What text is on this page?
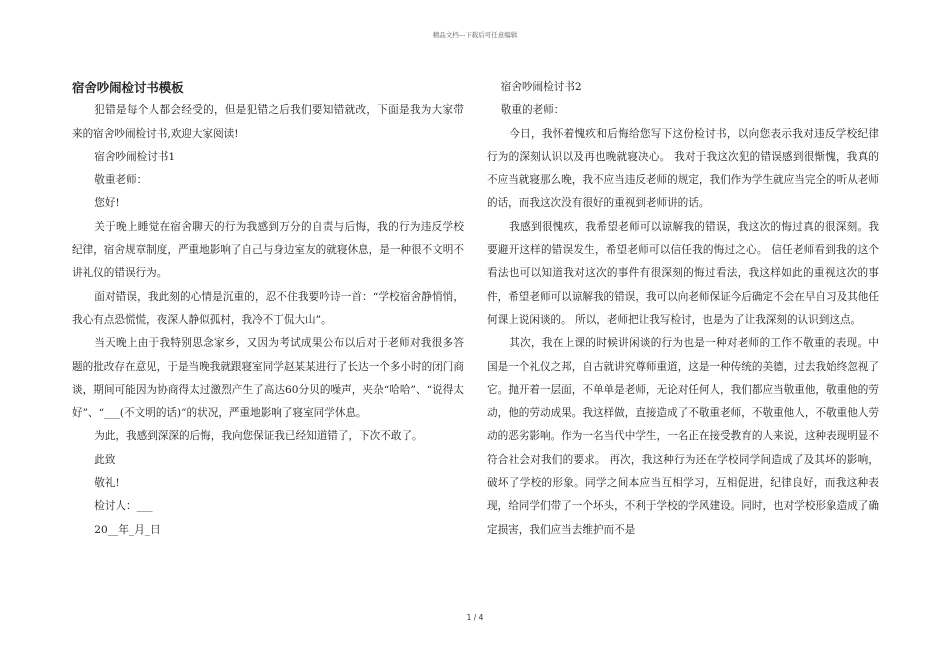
精品文档---下载后可任意编辑

宿舍吵闹检讨书模板

犯错是每个人都会经受的，但是犯错之后我们要知错就改，下面是我为大家带来的宿舍吵闹检讨书,欢迎大家阅读!

宿舍吵闹检讨书1

敬重老师：

您好!

关于晚上睡觉在宿舍聊天的行为我感到万分的自责与后悔，我的行为违反学校纪律，宿舍规章制度，严重地影响了自己与身边室友的就寝休息，是一种很不文明不讲礼仪的错误行为。

面对错误，我此刻的心情是沉重的，忍不住我要吟诗一首：“学校宿舍静悄悄，我心有点恐慌慌，夜深人静似孤村，我冷不丁侃大山”。

当天晚上由于我特别思念家乡，又因为考试成果公布以后对于老师对我很多答题的批改存在意见，于是当晚我就跟寝室同学赵某某进行了长达一个多小时的闭门商谈，期间可能因为协商得太过激烈产生了高达60分贝的噪声，夹杂“哈哈”、“说得太好”、“___(不文明的话)”的状况，严重地影响了寝室同学休息。

为此，我感到深深的后悔，我向您保证我已经知道错了，下次不敢了。

此致

敬礼!

检讨人：___

20__年_月_日

宿舍吵闹检讨书2

敬重的老师：

今日，我怀着愧疚和后悔给您写下这份检讨书，以向您表示我对违反学校纪律行为的深刻认识以及再也晚就寝决心。 我对于我这次犯的错误感到很惭愧，我真的不应当就寝那么晚，我不应当违反老师的规定，我们作为学生就应当完全的听从老师的话，而我这次没有很好的重视到老师讲的话。

我感到很愧疚，我希望老师可以谅解我的错误，我这次的悔过真的很深刻。我要避开这样的错误发生，希望老师可以信任我的悔过之心。 信任老师看到我的这个看法也可以知道我对这次的事件有很深刻的悔过看法，我这样如此的重视这次的事件，希望老师可以谅解我的错误，我可以向老师保证今后确定不会在早自习及其他任何课上说闲谈的。 所以，老师把让我写检讨，也是为了让我深刻的认识到这点。

其次，我在上课的时候讲闲谈的行为也是一种对老师的工作不敬重的表现。中国是一个礼仪之邦，自古就讲究尊师重道，这是一种传统的美德，过去我始终忽视了它。抛开着一层面，不单单是老师，无论对任何人，我们都应当敬重他，敬重他的劳动，他的劳动成果。我这样做，直接造成了不敬重老师，不敬重他人，不敬重他人劳动的恶劣影响。作为一名当代中学生，一名正在接受教育的人来说，这种表现明显不符合社会对我们的要求。 再次，我这种行为还在学校同学间造成了及其坏的影响，破坏了学校的形象。同学之间本应当互相学习，互相促进，纪律良好，而我这种表现，给同学们带了一个坏头，不利于学校的学风建设。同时，也对学校形象造成了确定损害，我们应当去维护而不是

1 / 4
